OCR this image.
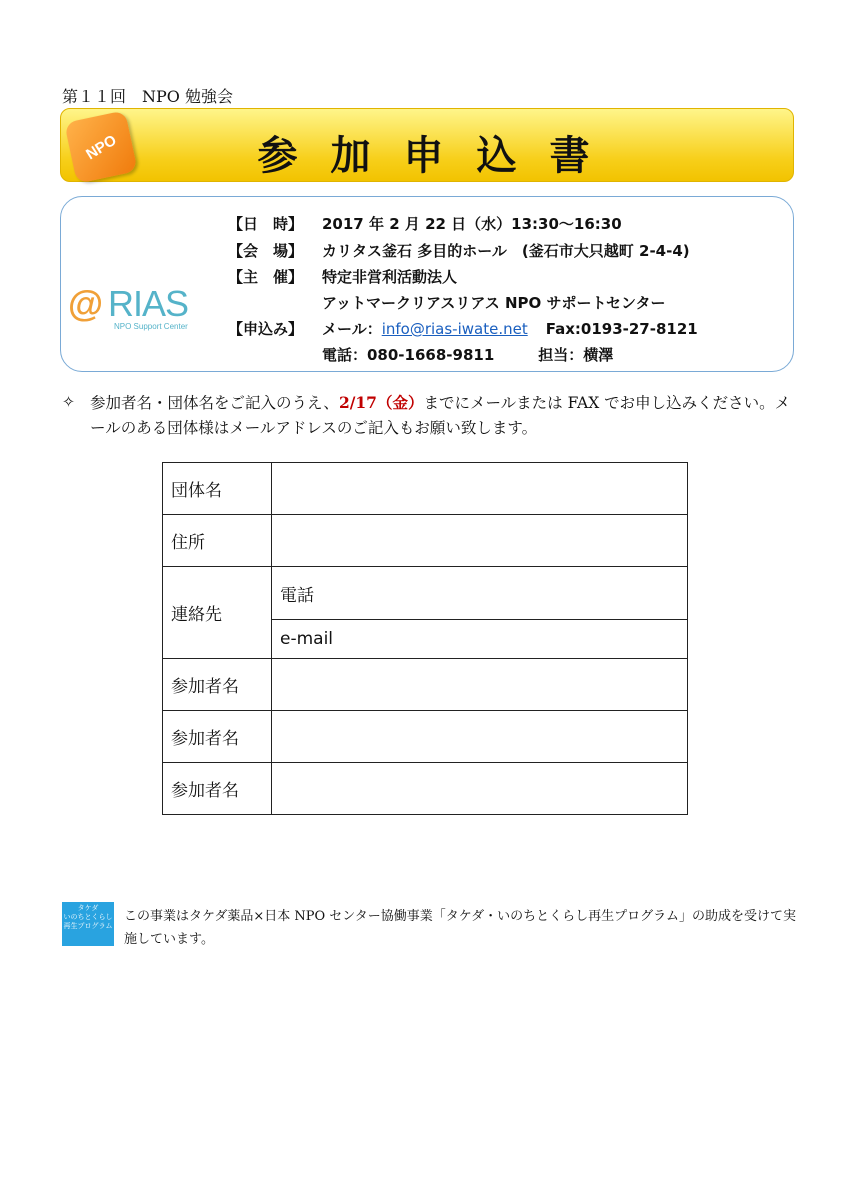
第１１回　NPO 勉強会
NPO	参加申込書
@ RIAS
NPO Support Center
【日　時】 2017 年 2 月 22 日（水）13:30〜16:30
【会　場】 カリタス釜石 多目的ホール　(釜石市大只越町 2-4-4)
【主　催】 特定非営利活動法人
アットマークリアスリアス NPO サポートセンター
【申込み】 メール：info@rias-iwate.net Fax:0193-27-8121
電話：080-1668-9811	担当：横澤
✧ 参加者名・団体名をご記入のうえ、2/17（金）までにメールまたは FAX でお申し込みください。メールのある団体様はメールアドレスのご記入もお願い致します。
団体名	
住所	
連絡先	電話
	e-mail
参加者名	
参加者名	
参加者名	
タケダ
いのちとくらし
再生プログラム
この事業はタケダ薬品×日本 NPO センター協働事業「タケダ・いのちとくらし再生プログラム」の助成を受けて実施しています。
